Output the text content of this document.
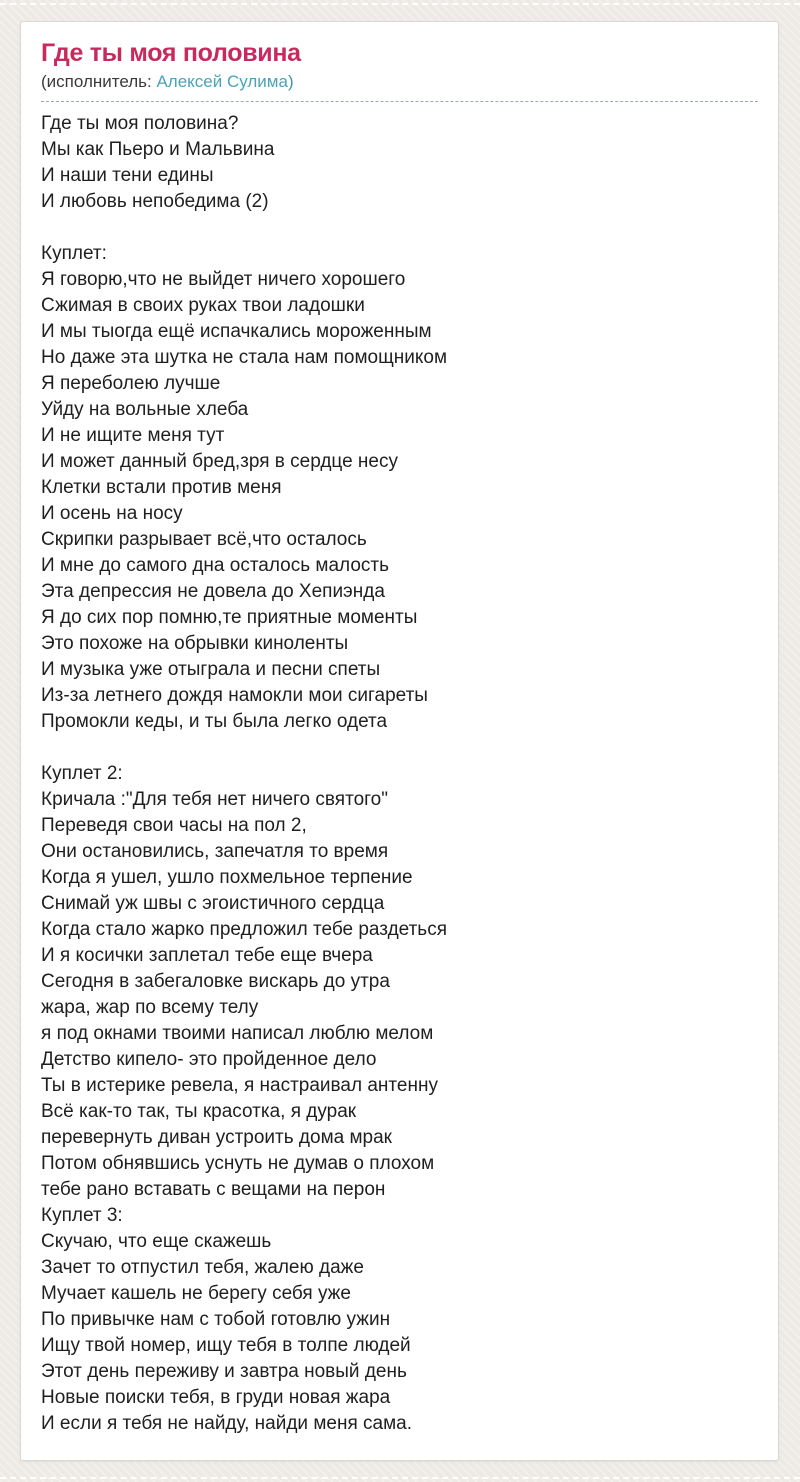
Где ты моя половина

(исполнитель: Алексей Сулима)

Где ты моя половина?
Мы как Пьеро и Мальвина
И наши тени едины
И любовь непобедима (2)
Куплет:
Я говорю,что не выйдет ничего хорошего
Сжимая в своих руках твои ладошки
И мы тыогда ещё испачкались мороженным
Но даже эта шутка не стала нам помощником
Я переболею лучше
Уйду на вольные хлеба
И не ищите меня тут
И может данный бред,зря в сердце несу
Клетки встали против меня
И осень на носу
Скрипки разрывает всё,что осталось
И мне до самого дна осталось малость
Эта депрессия не довела до Хепиэнда
Я до сих пор помню,те приятные моменты
Это похоже на обрывки киноленты
И музыка уже отыграла и песни спеты
Из-за летнего дождя намокли мои сигареты
Промокли кеды, и ты была легко одета
Куплет 2:
Кричала :"Для тебя нет ничего святого"
Переведя свои часы на пол 2,
Они остановились, запечатля то время
Когда я ушел, ушло похмельное терпение
Снимай уж швы с эгоистичного сердца
Когда стало жарко предложил тебе раздеться
И я косички заплетал тебе еще вчера
Сегодня в забегаловке вискарь до утра
жара, жар по всему телу
я под окнами твоими написал люблю мелом
Детство кипело- это пройденное дело
Ты в истерике ревела, я настраивал антенну
Всё как-то так, ты красотка, я дурак
перевернуть диван устроить дома мрак
Потом обнявшись уснуть не думав о плохом
тебе рано вставать с вещами на перон
Куплет 3:
Скучаю, что еще скажешь
Зачет то отпустил тебя, жалею даже
Мучает кашель не берегу себя уже
По привычке нам с тобой готовлю ужин
Ищу твой номер, ищу тебя в толпе людей
Этот день переживу и завтра новый день
Новые поиски тебя, в груди новая жара
И если я тебя не найду, найди меня сама.
